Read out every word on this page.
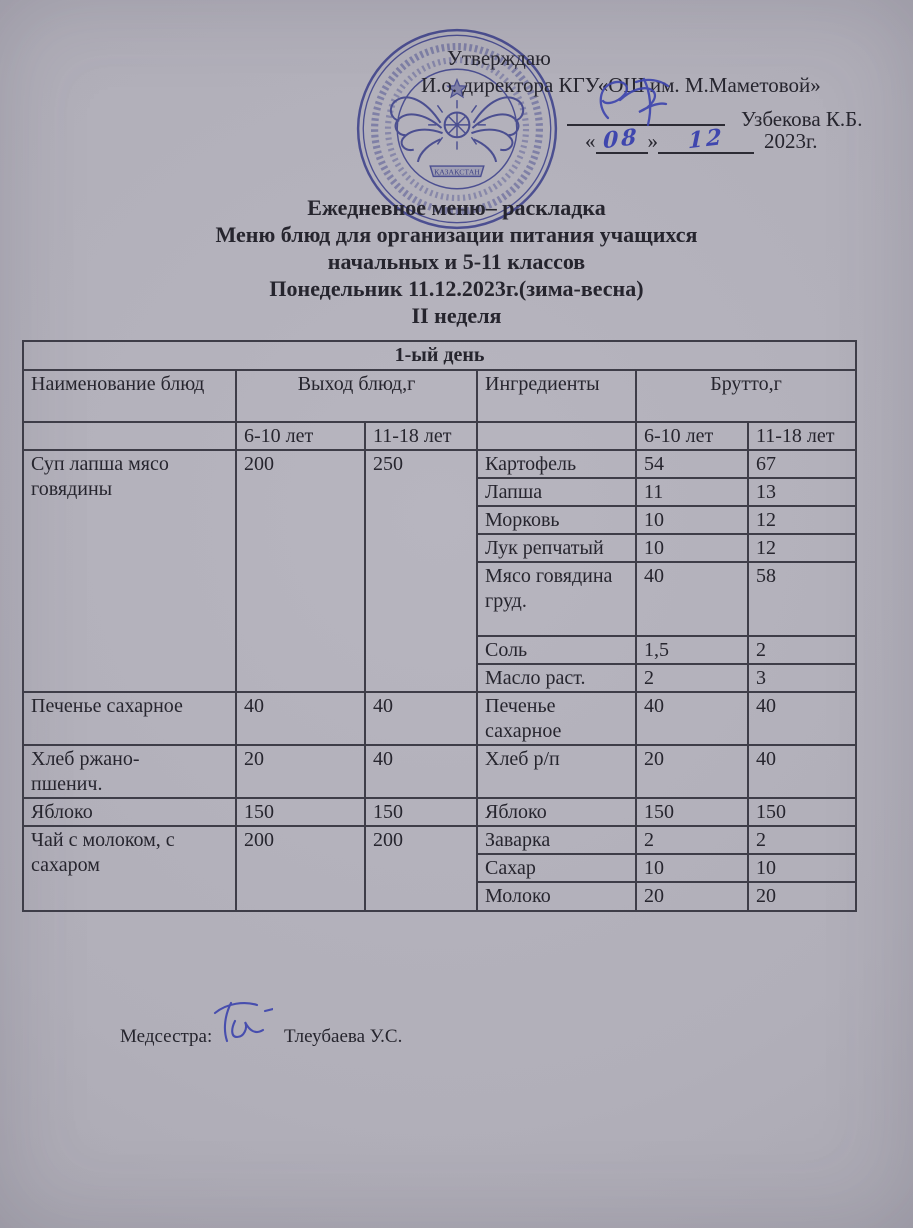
ҚАЗАҚСТАН
Утверждаю
И.о. директора КГУ«ОШ им. М.Маметовой»
Узбекова К.Б.
« 08 »	12	2023г.
Ежедневное меню– раскладка
Меню блюд для организации питания учащихся
начальных и 5-11 классов
Понедельник 11.12.2023г.(зима-весна)
II неделя
1-ый день					
Наименование блюд	Выход блюд,г		Ингредиенты	Брутто,г	
	6-10 лет	11-18 лет		6-10 лет	11-18 лет
Суп лапша мясо говядины	200	250	Картофель	54	67
			Лапша	11	13
			Морковь	10	12
			Лук репчатый	10	12
			Мясо говядина груд.	40	58
			Соль	1,5	2
			Масло раст.	2	3
Печенье сахарное	40	40	Печенье сахарное	40	40
Хлеб ржано-пшенич.	20	40	Хлеб р/п	20	40
Яблоко	150	150	Яблоко	150	150
Чай с молоком, с сахаром	200	200	Заварка	2	2
			Сахар	10	10
			Молоко	20	20
Медсестра:	Тлеубаева У.С.
